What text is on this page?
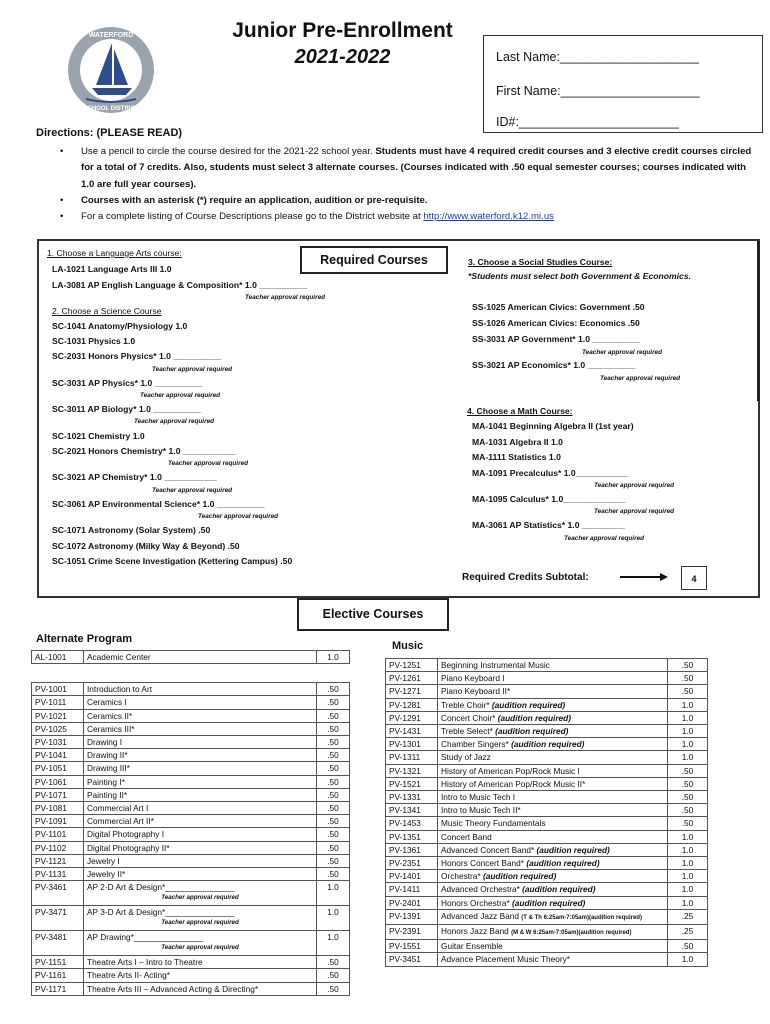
WATERFORD
SCHOOL DISTRICT
Junior Pre-Enrollment
2021-2022	Last Name:____________________
First Name:____________________
ID#:_______________________
Directions: (PLEASE READ)
• Use a pencil to circle the course desired for the 2021-22 school year. Students must have 4 required credit courses and 3 elective credit courses circled for a total of 7 credits. Also, students must select 3 alternate courses. (Courses indicated with .50 equal semester courses; courses indicated with 1.0 are full year courses).
• Courses with an asterisk (*) require an application, audition or pre-requisite.
• For a complete listing of Course Descriptions please go to the District website at http://www.waterford.k12.mi.us
Required Courses
1. Choose a Language Arts course:
LA-1021 Language Arts III 1.0
LA-3081 AP English Language & Composition* 1.0 __________
Teacher approval required
2. Choose a Science Course
SC-1041 Anatomy/Physiology 1.0
SC-1031 Physics 1.0
SC-2031 Honors Physics* 1.0 __________
Teacher approval required
SC-3031 AP Physics* 1.0 __________
Teacher approval required
SC-3011 AP Biology* 1.0 __________
Teacher approval required
SC-1021 Chemistry 1.0
SC-2021 Honors Chemistry* 1.0 ___________
Teacher approval required
SC-3021 AP Chemistry* 1.0 ___________
Teacher approval required
SC-3061 AP Environmental Science* 1.0 __________
Teacher approval required
SC-1071 Astronomy (Solar System) .50
SC-1072 Astronomy (Milky Way & Beyond) .50
SC-1051 Crime Scene Investigation (Kettering Campus) .50
3. Choose a Social Studies Course:
*Students must select both Government & Economics.
SS-1025 American Civics: Government .50
SS-1026 American Civics: Economics .50
SS-3031 AP Government* 1.0 __________
Teacher approval required
SS-3021 AP Economics* 1.0 __________
Teacher approval required
4. Choose a Math Course:
MA-1041 Beginning Algebra II (1st year)
MA-1031 Algebra II 1.0
MA-1111 Statistics 1.0
MA-1091 Precalculus* 1.0___________
Teacher approval required
MA-1095 Calculus* 1.0_____________
Teacher approval required
MA-3061 AP Statistics* 1.0 _________
Teacher approval required
Required Credits Subtotal:	4
Elective Courses
Alternate Program
AL-1001	Academic Center	1.0

PV-1001	Introduction to Art	.50
PV-1011	Ceramics I	.50
PV-1021	Ceramics II*	.50
PV-1025	Ceramics III*	.50
PV-1031	Drawing I	.50
PV-1041	Drawing II*	.50
PV-1051	Drawing III*	.50
PV-1061	Painting I*	.50
PV-1071	Painting II*	.50
PV-1081	Commercial Art I	.50
PV-1091	Commercial Art II*	.50
PV-1101	Digital Photography I	.50
PV-1102	Digital Photography II*	.50
PV-1121	Jewelry I	.50
PV-1131	Jewelry II*	.50
PV-3461	AP 2-D Art & Design*_______________
Teacher approval required	1.0
PV-3471	AP 3-D Art & Design*_______________
Teacher approval required	1.0
PV-3481	AP Drawing*_______________
Teacher approval required	1.0
PV-1151	Theatre Arts I – Intro to Theatre	.50
PV-1161	Theatre Arts II- Acting*	.50
PV-1171	Theatre Arts III – Advanced Acting & Directing*	.50
Music
PV-1251	Beginning Instrumental Music	.50
PV-1261	Piano Keyboard I	.50
PV-1271	Piano Keyboard II*	.50
PV-1281	Treble Choir* (audition required)	1.0
PV-1291	Concert Choir* (audition required)	1.0
PV-1431	Treble Select* (audition required)	1.0
PV-1301	Chamber Singers* (audition required)	1.0
PV-1311	Study of Jazz	1.0
PV-1321	History of American Pop/Rock Music I	.50
PV-1521	History of American Pop/Rock Music II*	.50
PV-1331	Intro to Music Tech I	.50
PV-1341	Intro to Music Tech II*	.50
PV-1453	Music Theory Fundamentals	.50
PV-1351	Concert Band	1.0
PV-1361	Advanced Concert Band* (audition required)	1.0
PV-2351	Honors Concert Band* (audition required)	1.0
PV-1401	Orchestra* (audition required)	1.0
PV-1411	Advanced Orchestra* (audition required)	1.0
PV-2401	Honors Orchestra* (audition required)	1.0
PV-1391	Advanced Jazz Band (T & Th 6:25am-7:05am)(audition required)	.25
PV-2391	Honors Jazz Band (M & W 6:25am-7:05am)(audition required)	.25
PV-1551	Guitar Ensemble	.50
PV-3451	Advance Placement Music Theory*	1.0
